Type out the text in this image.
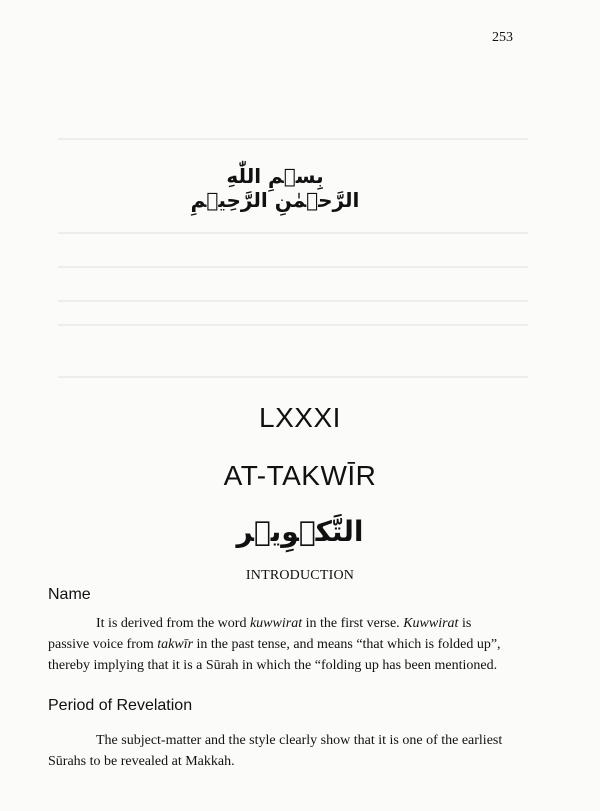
253
بِسۡمِ اللّٰهِ الرَّحۡمٰنِ الرَّحِيۡمِ
LXXXI
AT-TAKWĪR
التَّكۡوِيۡر
INTRODUCTION
Name

It is derived from the word kuwwirat in the first verse. Kuwwirat is passive voice from takwīr in the past tense, and means “that which is folded up”, thereby implying that it is a Sūrah in which the “folding up has been mentioned.

Period of Revelation

The subject-matter and the style clearly show that it is one of the earliest Sūrahs to be revealed at Makkah.
